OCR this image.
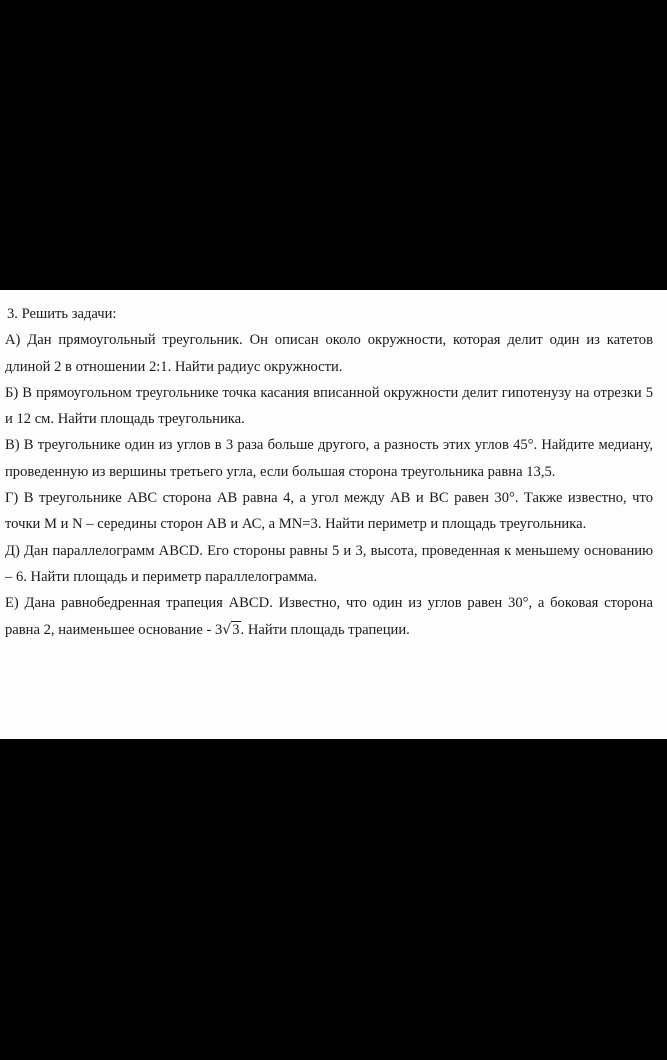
3. Решить задачи:

А) Дан прямоугольный треугольник. Он описан около окружности, которая делит один из катетов длиной 2 в отношении 2:1. Найти радиус окружности.

Б) В прямоугольном треугольнике точка касания вписанной окружности делит гипотенузу на отрезки 5 и 12 см. Найти площадь треугольника.

В) В треугольнике один из углов в 3 раза больше другого, а разность этих углов 45°. Найдите медиану, проведенную из вершины третьего угла, если большая сторона треугольника равна 13,5.

Г) В треугольнике АВС сторона АВ равна 4, а угол между АВ и ВС равен 30°. Также известно, что точки M и N – середины сторон АВ и АС, а MN=3. Найти периметр и площадь треугольника.

Д) Дан параллелограмм ABCD. Его стороны равны 5 и 3, высота, проведенная к меньшему основанию – 6. Найти площадь и периметр параллелограмма.

Е) Дана равнобедренная трапеция ABCD. Известно, что один из углов равен 30°, а боковая сторона равна 2, наименьшее основание - 3√3. Найти площадь трапеции.
